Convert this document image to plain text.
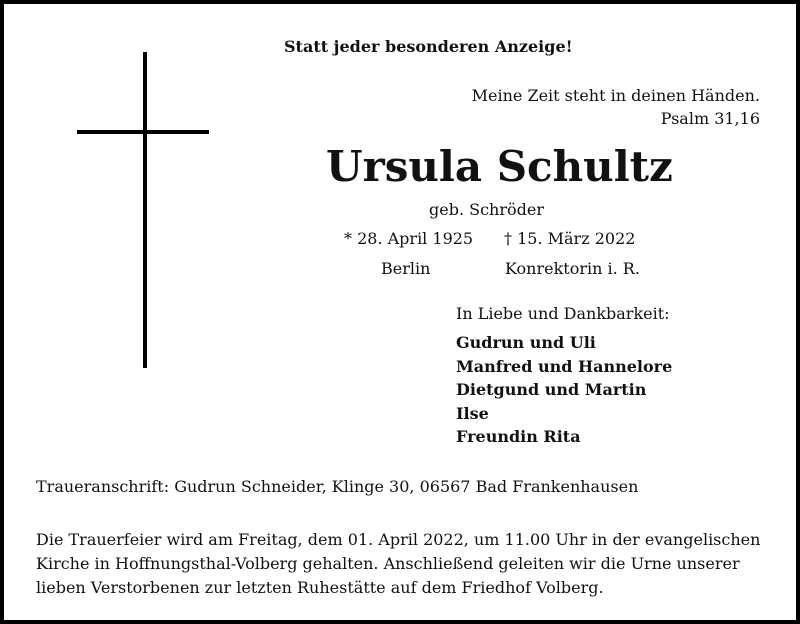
Statt jeder besonderen Anzeige!
Meine Zeit steht in deinen Händen.
Psalm 31,16
Ursula Schultz
geb. Schröder
* 28. April 1925 † 15. März 2022
Berlin	Konrektorin i. R.
In Liebe und Dankbarkeit:
Gudrun und Uli
Manfred und Hannelore
Dietgund und Martin
Ilse
Freundin Rita
Traueranschrift: Gudrun Schneider, Klinge 30, 06567 Bad Frankenhausen
Die Trauerfeier wird am Freitag, dem 01. April 2022, um 11.00 Uhr in der evangelischen Kirche in Hoffnungsthal-Volberg gehalten. Anschließend geleiten wir die Urne unserer lieben Verstorbenen zur letzten Ruhestätte auf dem Friedhof Volberg.
